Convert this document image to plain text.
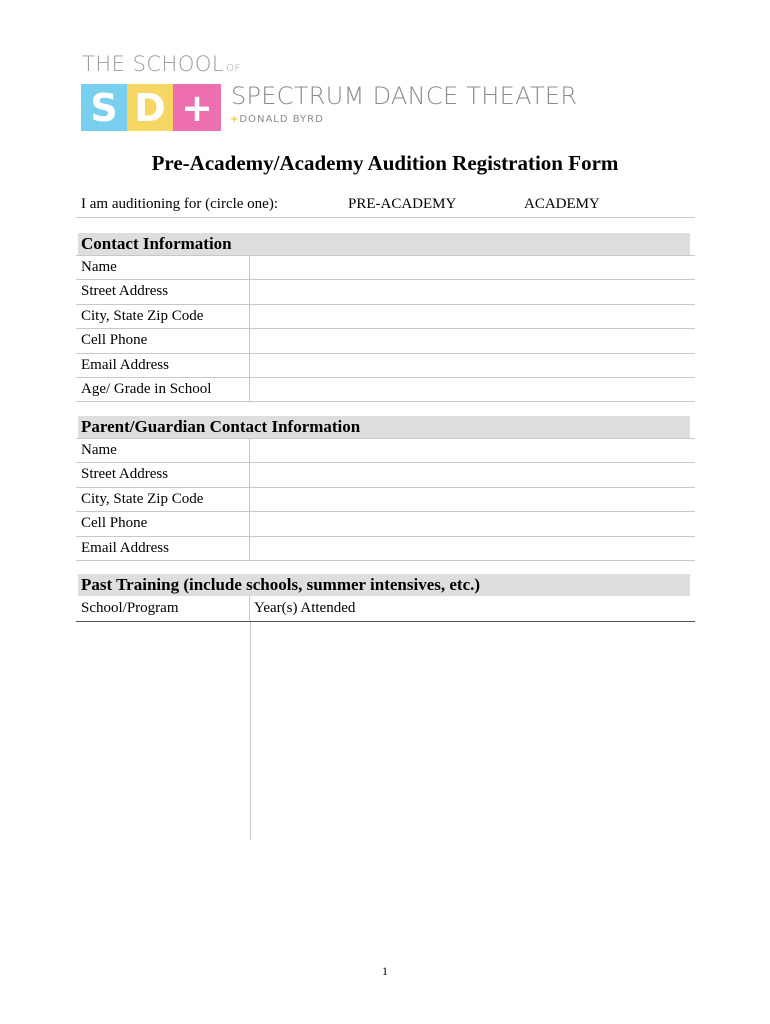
THE SCHOOL OF
S D + SPECTRUM DANCE THEATER
+DONALD BYRD
Pre-Academy/Academy Audition Registration Form
I am auditioning for (circle one):	PRE-ACADEMY	ACADEMY
Contact Information
Name
Street Address
City, State Zip Code
Cell Phone
Email Address
Age/ Grade in School
Parent/Guardian Contact Information
Name
Street Address
City, State Zip Code
Cell Phone
Email Address
Past Training (include schools, summer intensives, etc.)
School/Program	Year(s) Attended
1
